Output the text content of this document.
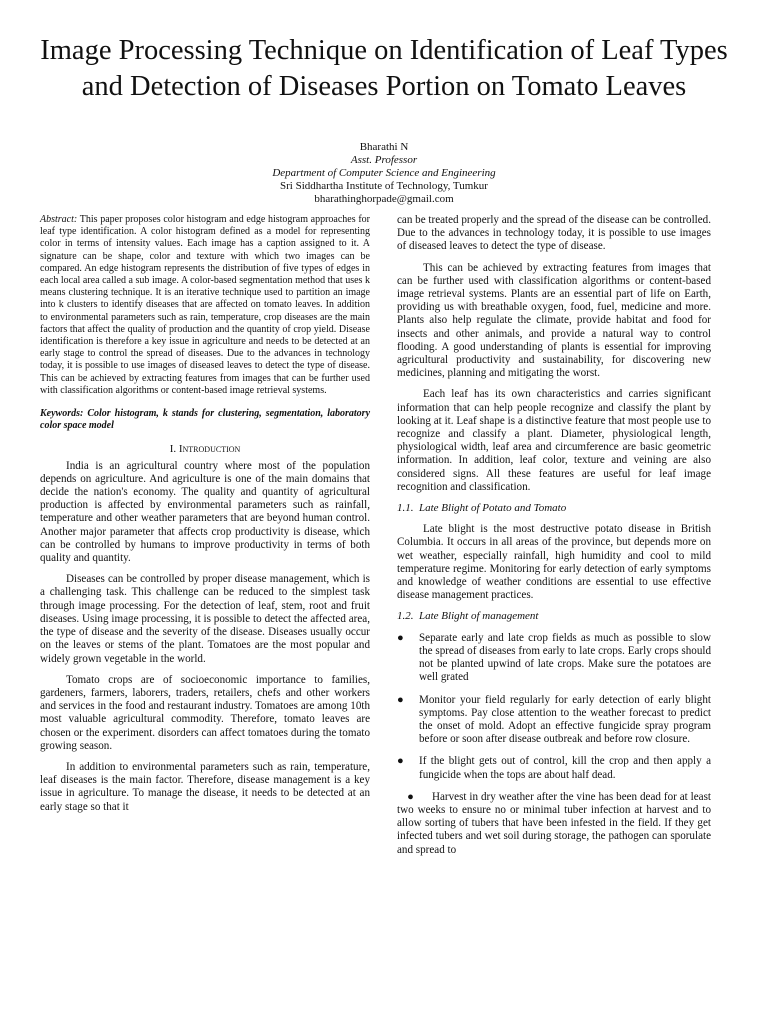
Image Processing Technique on Identification of Leaf Types and Detection of Diseases Portion on Tomato Leaves
Bharathi N
Asst. Professor
Department of Computer Science and Engineering
Sri Siddhartha Institute of Technology, Tumkur
bharathinghorpade@gmail.com

Abstract: This paper proposes color histogram and edge histogram approaches for leaf type identification. A color histogram defined as a model for representing color in terms of intensity values. Each image has a caption assigned to it. A signature can be shape, color and texture with which two images can be compared. An edge histogram represents the distribution of five types of edges in each local area called a sub image. A color-based segmentation method that uses k means clustering technique. It is an iterative technique used to partition an image into k clusters to identify diseases that are affected on tomato leaves. In addition to environmental parameters such as rain, temperature, crop diseases are the main factors that affect the quality of production and the quantity of crop yield. Disease identification is therefore a key issue in agriculture and needs to be detected at an early stage to control the spread of diseases. Due to the advances in technology today, it is possible to use images of diseased leaves to detect the type of disease. This can be achieved by extracting features from images that can be further used with classification algorithms or content-based image retrieval systems.

Keywords: Color histogram, k stands for clustering, segmentation, laboratory color space model

I. Introduction

India is an agricultural country where most of the population depends on agriculture. And agriculture is one of the main domains that decide the nation's economy. The quality and quantity of agricultural production is affected by environmental parameters such as rainfall, temperature and other weather parameters that are beyond human control. Another major parameter that affects crop productivity is disease, which can be controlled by humans to improve productivity in terms of both quality and quantity.

Diseases can be controlled by proper disease management, which is a challenging task. This challenge can be reduced to the simplest task through image processing. For the detection of leaf, stem, root and fruit diseases. Using image processing, it is possible to detect the affected area, the type of disease and the severity of the disease. Diseases usually occur on the leaves or stems of the plant. Tomatoes are the most popular and widely grown vegetable in the world.

Tomato crops are of socioeconomic importance to families, gardeners, farmers, laborers, traders, retailers, chefs and other workers and services in the food and restaurant industry. Tomatoes are among 10th most valuable agricultural commodity. Therefore, tomato leaves are chosen or the experiment. disorders can affect tomatoes during the tomato growing season.

In addition to environmental parameters such as rain, temperature, leaf diseases is the main factor. Therefore, disease management is a key issue in agriculture. To manage the disease, it needs to be detected at an early stage so that it

can be treated properly and the spread of the disease can be controlled. Due to the advances in technology today, it is possible to use images of diseased leaves to detect the type of disease.

This can be achieved by extracting features from images that can be further used with classification algorithms or content-based image retrieval systems. Plants are an essential part of life on Earth, providing us with breathable oxygen, food, fuel, medicine and more. Plants also help regulate the climate, provide habitat and food for insects and other animals, and provide a natural way to control flooding. A good understanding of plants is essential for improving agricultural productivity and sustainability, for discovering new medicines, planning and mitigating the worst.

Each leaf has its own characteristics and carries significant information that can help people recognize and classify the plant by looking at it. Leaf shape is a distinctive feature that most people use to recognize and classify a plant. Diameter, physiological length, physiological width, leaf area and circumference are basic geometric information. In addition, leaf color, texture and veining are also considered signs. All these features are useful for leaf image recognition and classification.

1.1. Late Blight of Potato and Tomato

Late blight is the most destructive potato disease in British Columbia. It occurs in all areas of the province, but depends more on wet weather, especially rainfall, high humidity and cool to mild temperature regime. Monitoring for early detection of early symptoms and knowledge of weather conditions are essential to use effective disease management practices.

1.2. Late Blight of management
● Separate early and late crop fields as much as possible to slow the spread of diseases from early to late crops. Early crops should not be planted upwind of late crops. Make sure the potatoes are well grated
● Monitor your field regularly for early detection of early blight symptoms. Pay close attention to the weather forecast to predict the onset of mold. Adopt an effective fungicide spray program before or soon after disease outbreak and before row closure.
● If the blight gets out of control, kill the crop and then apply a fungicide when the tops are about half dead.

● Harvest in dry weather after the vine has been dead for at least two weeks to ensure no or minimal tuber infection at harvest and to allow sorting of tubers that have been infested in the field. If they get infected tubers and wet soil during storage, the pathogen can sporulate and spread to
